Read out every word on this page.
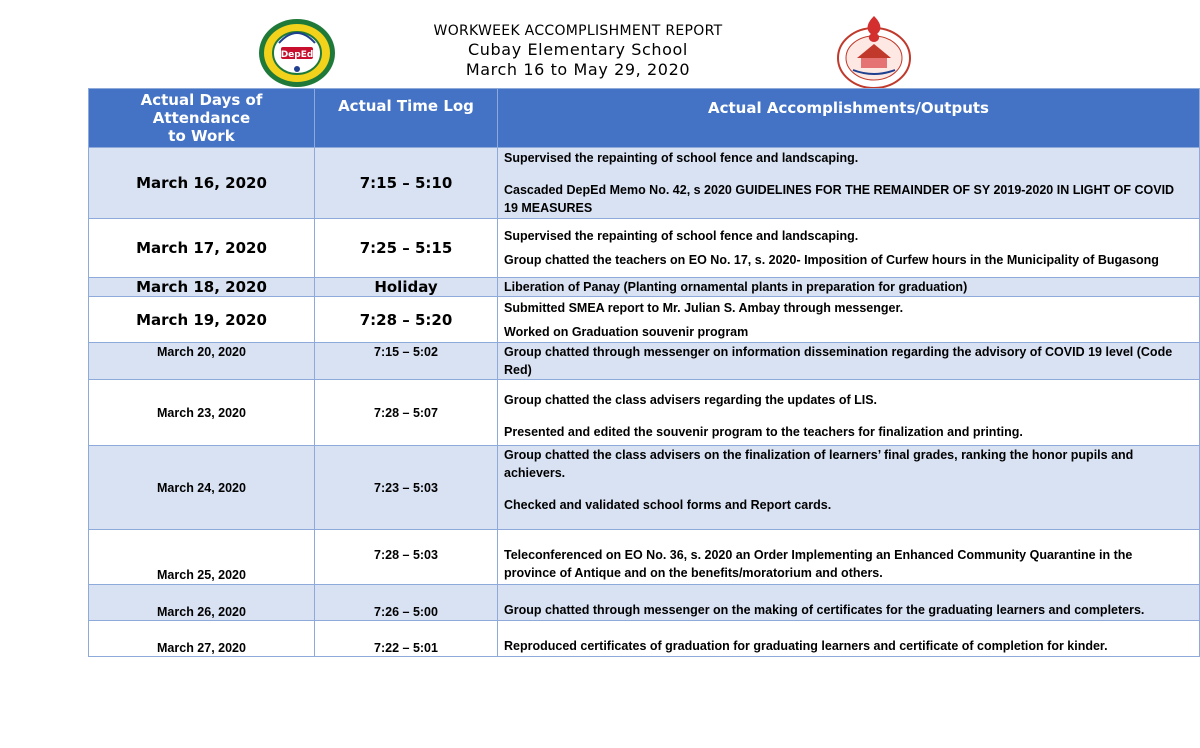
DepEd
WORKWEEK ACCOMPLISHMENT REPORT
Cubay Elementary School
March 16 to May 29, 2020
Actual Days of
Attendance
to Work	Actual Time Log	Actual Accomplishments/Outputs

March 16, 2020	7:15 – 5:10	Supervised the repainting of school fence and landscaping.

Cascaded DepEd Memo No. 42, s 2020 GUIDELINES FOR THE REMAINDER OF SY 2019-2020 IN LIGHT OF COVID 19 MEASURES

March 17, 2020	7:25 – 5:15	Supervised the repainting of school fence and landscaping.

Group chatted the teachers on EO No. 17, s. 2020- Imposition of Curfew hours in the Municipality of Bugasong

March 18, 2020	Holiday	Liberation of Panay (Planting ornamental plants in preparation for graduation)

March 19, 2020	7:28 – 5:20	Submitted SMEA report to Mr. Julian S. Ambay through messenger.

Worked on Graduation souvenir program

March 20, 2020	7:15 – 5:02	Group chatted through messenger on information dissemination regarding the advisory of COVID 19 level (Code Red)

March 23, 2020	7:28 – 5:07	Group chatted the class advisers regarding the updates of LIS.

Presented and edited the souvenir program to the teachers for finalization and printing.

March 24, 2020	7:23 – 5:03	Group chatted the class advisers on the finalization of learners’ final grades, ranking the honor pupils and achievers.

Checked and validated school forms and Report cards.

March 25, 2020	7:28 – 5:03	Teleconferenced on EO No. 36, s. 2020 an Order Implementing an Enhanced Community Quarantine in the province of Antique and on the benefits/moratorium and others.

March 26, 2020	7:26 – 5:00	Group chatted through messenger on the making of certificates for the graduating learners and completers.

March 27, 2020	7:22 – 5:01	Reproduced certificates of graduation for graduating learners and certificate of completion for kinder.
